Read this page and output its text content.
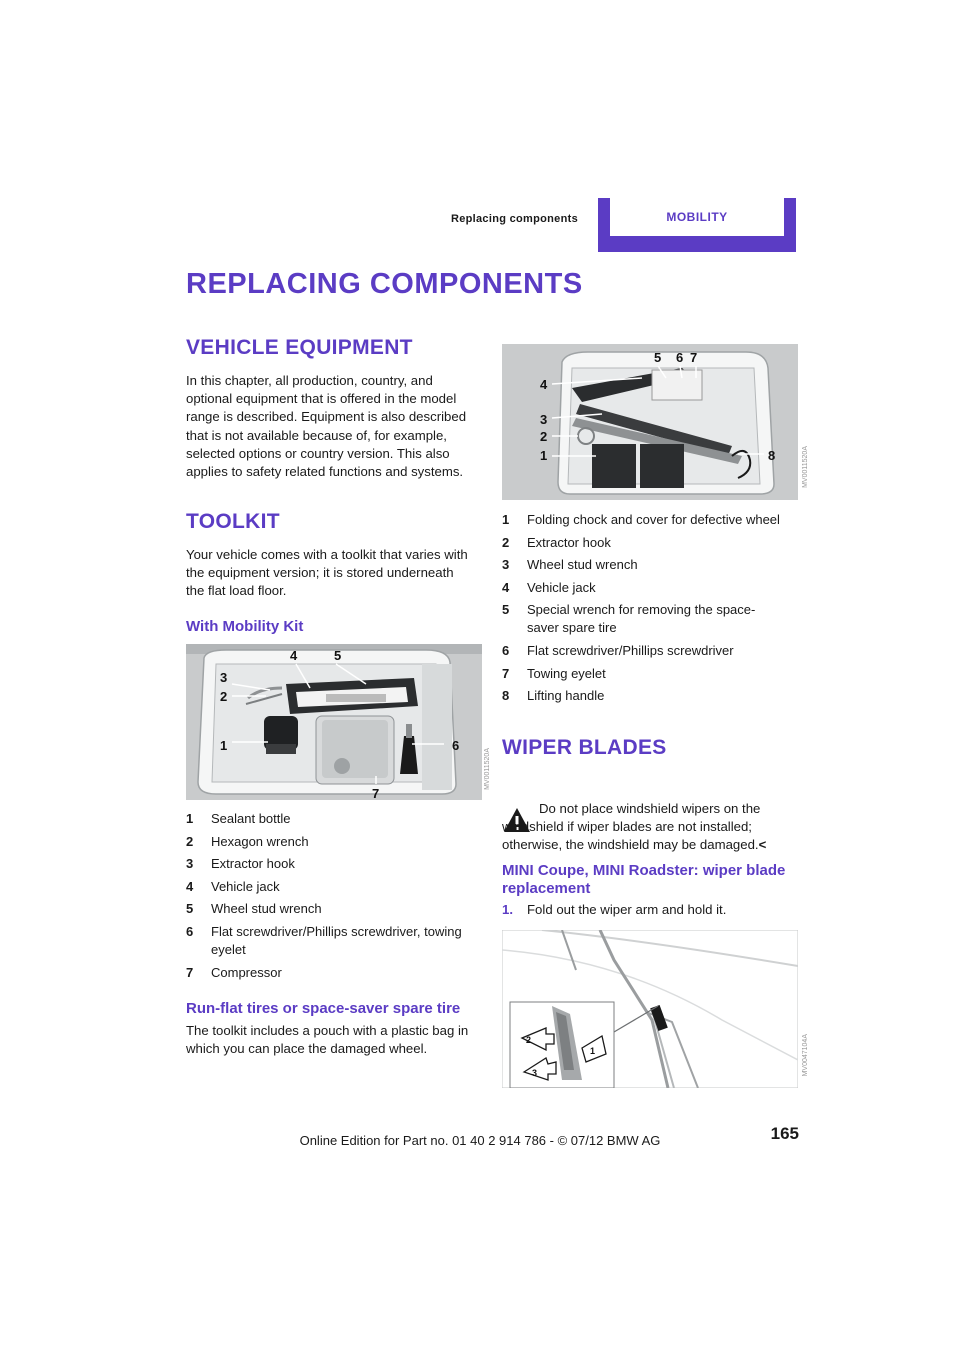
Replacing components	MOBILITY
REPLACING COMPONENTS
VEHICLE EQUIPMENT
In this chapter, all production, country, and optional equipment that is offered in the model range is described. Equipment is also described that is not available because of, for example, selected options or country version. This also applies to safety related functions and systems.
TOOLKIT
Your vehicle comes with a toolkit that varies with the equipment version; it is stored underneath the flat load floor.
With Mobility Kit
1
2
3
4	5
6
7
MV0011520A
1 Sealant bottle
2 Hexagon wrench
3 Extractor hook
4 Vehicle jack
5 Wheel stud wrench
6 Flat screwdriver/Phillips screwdriver, towing eyelet
7 Compressor
Run-flat tires or space-saver spare tire
The toolkit includes a pouch with a plastic bag in which you can place the damaged wheel.
1
2
3
4
5 6 7
8	MV0011520A
1 Folding chock and cover for defective wheel
2 Extractor hook
3 Wheel stud wrench
4 Vehicle jack
5 Special wrench for removing the space-saver spare tire
6 Flat screwdriver/Phillips screwdriver
7 Towing eyelet
8 Lifting handle
WIPER BLADES
Do not place windshield wipers on the windshield if wiper blades are not installed; otherwise, the windshield may be damaged.<
MINI Coupe, MINI Roadster: wiper blade replacement
1. Fold out the wiper arm and hold it.
2
3
1	MV0047104A
165
Online Edition for Part no. 01 40 2 914 786 - © 07/12 BMW AG
